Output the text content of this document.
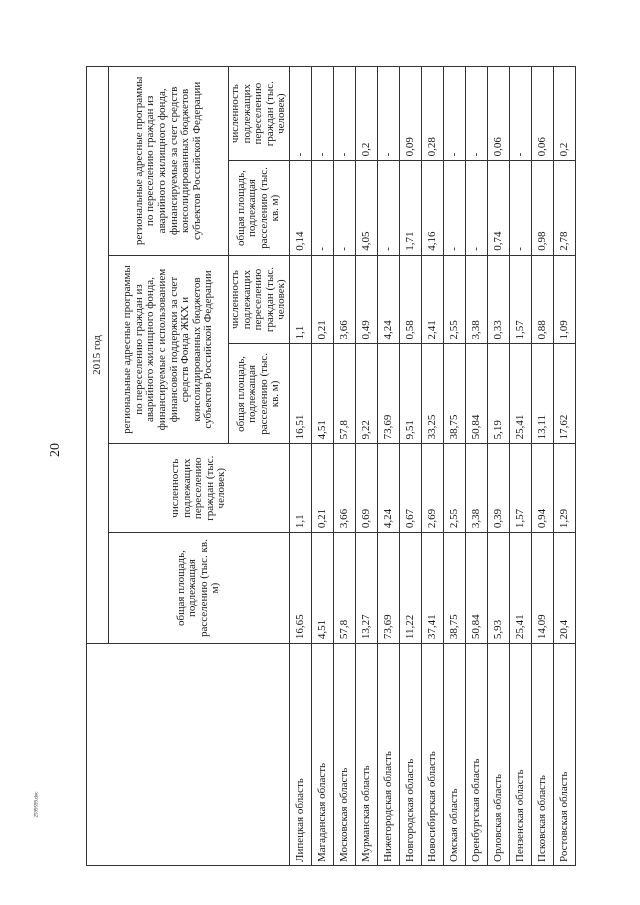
20
2599599.doc
	2015 год					
	общая площадь, подлежащая расселению (тыс. кв. м)	численность подлежащих переселению граждан (тыс. человек)	региональные адресные программы по переселению граждан из аварийного жилищного фонда, финансируемые с использованием финансовой поддержки за счет средств Фонда ЖКХ и консолидированных бюджетов субъектов Российской Федерации		региональные адресные программы по переселению граждан из аварийного жилищного фонда, финансируемые за счет средств консолидированных бюджетов субъектов Российской Федерации	
			общая площадь, подлежащая расселению (тыс. кв. м)	численность подлежащих переселению граждан (тыс. человек)	общая площадь, подлежащая расселению (тыс. кв. м)	численность подлежащих переселению граждан (тыс. человек)
Липецкая область	16,65	1,1	16,51	1,1	0,14	-
Магаданская область	4,51	0,21	4,51	0,21	-	-
Московская область	57,8	3,66	57,8	3,66	-	-
Мурманская область	13,27	0,69	9,22	0,49	4,05	0,2
Нижегородская область	73,69	4,24	73,69	4,24	-	-
Новгородская область	11,22	0,67	9,51	0,58	1,71	0,09
Новосибирская область	37,41	2,69	33,25	2,41	4,16	0,28
Омская область	38,75	2,55	38,75	2,55	-	-
Оренбургская область	50,84	3,38	50,84	3,38	-	-
Орловская область	5,93	0,39	5,19	0,33	0,74	0,06
Пензенская область	25,41	1,57	25,41	1,57	-	-
Псковская область	14,09	0,94	13,11	0,88	0,98	0,06
Ростовская область	20,4	1,29	17,62	1,09	2,78	0,2
